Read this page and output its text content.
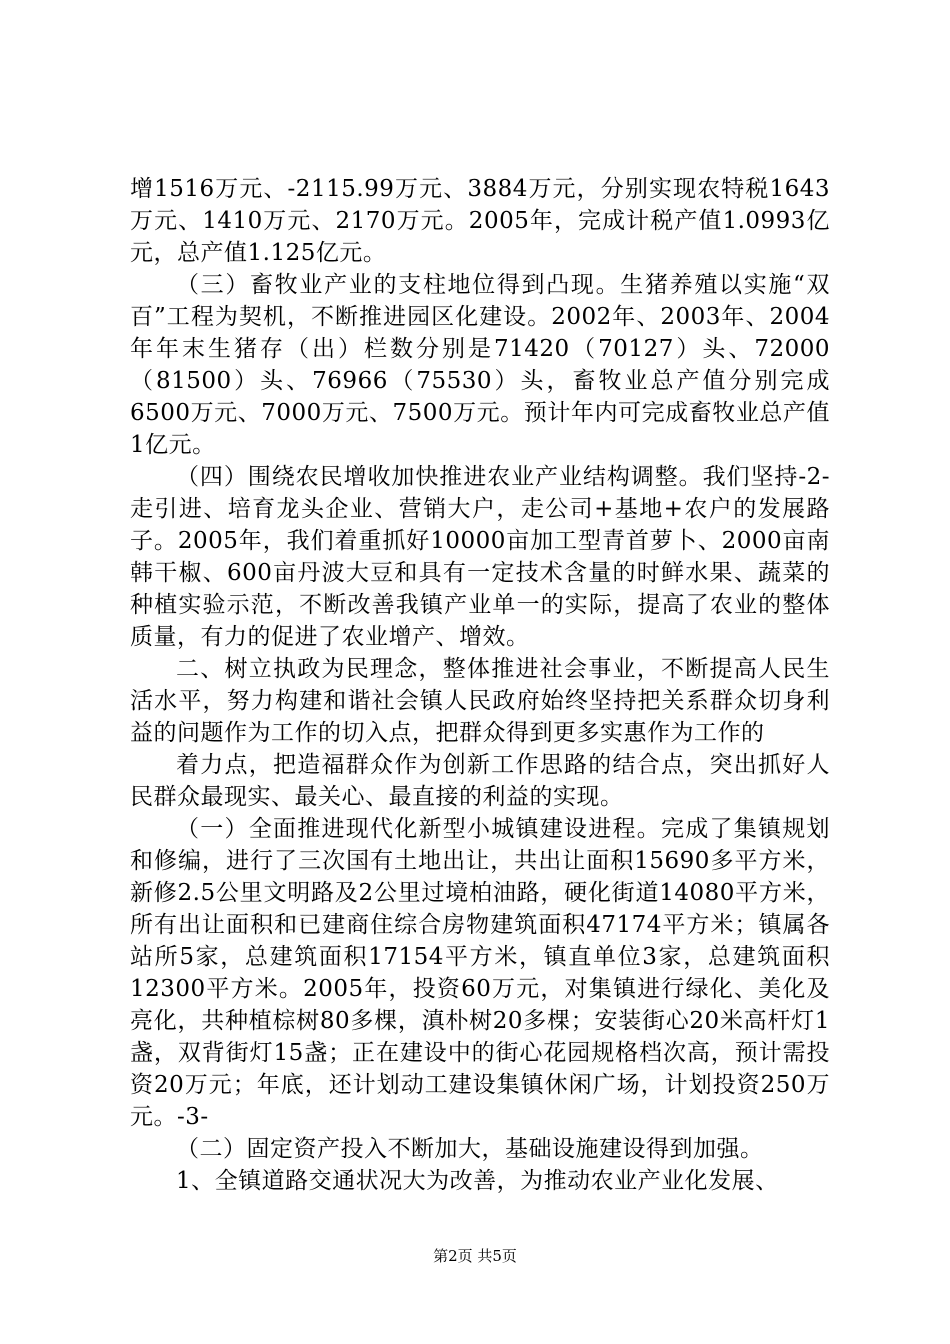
增1516万元、-2115.99万元、3884万元，分别实现农特税1643万元、1410万元、2170万元。2005年，完成计税产值1.0993亿元，总产值1.125亿元。

（三）畜牧业产业的支柱地位得到凸现。生猪养殖以实施“双百”工程为契机，不断推进园区化建设。2002年、2003年、2004年年末生猪存（出）栏数分别是71420（70127）头、72000（81500）头、76966（75530）头，畜牧业总产值分别完成6500万元、7000万元、7500万元。预计年内可完成畜牧业总产值1亿元。

（四）围绕农民增收加快推进农业产业结构调整。我们坚持-2-走引进、培育龙头企业、营销大户，走公司+基地+农户的发展路子。2005年，我们着重抓好10000亩加工型青首萝卜、2000亩南韩干椒、600亩丹波大豆和具有一定技术含量的时鲜水果、蔬菜的种植实验示范，不断改善我镇产业单一的实际，提高了农业的整体质量，有力的促进了农业增产、增效。

二、树立执政为民理念，整体推进社会事业，不断提高人民生活水平，努力构建和谐社会镇人民政府始终坚持把关系群众切身利益的问题作为工作的切入点，把群众得到更多实惠作为工作的

着力点，把造福群众作为创新工作思路的结合点，突出抓好人民群众最现实、最关心、最直接的利益的实现。

（一）全面推进现代化新型小城镇建设进程。完成了集镇规划和修编，进行了三次国有土地出让，共出让面积15690多平方米，新修2.5公里文明路及2公里过境柏油路，硬化街道14080平方米，所有出让面积和已建商住综合房物建筑面积47174平方米；镇属各站所5家，总建筑面积17154平方米，镇直单位3家，总建筑面积12300平方米。2005年，投资60万元，对集镇进行绿化、美化及亮化，共种植棕树80多棵，滇朴树20多棵；安装街心20米高杆灯1盏，双背街灯15盏；正在建设中的街心花园规格档次高，预计需投资20万元；年底，还计划动工建设集镇休闲广场，计划投资250万元。-3-

（二）固定资产投入不断加大，基础设施建设得到加强。

1、全镇道路交通状况大为改善，为推动农业产业化发展、

第2页 共5页
